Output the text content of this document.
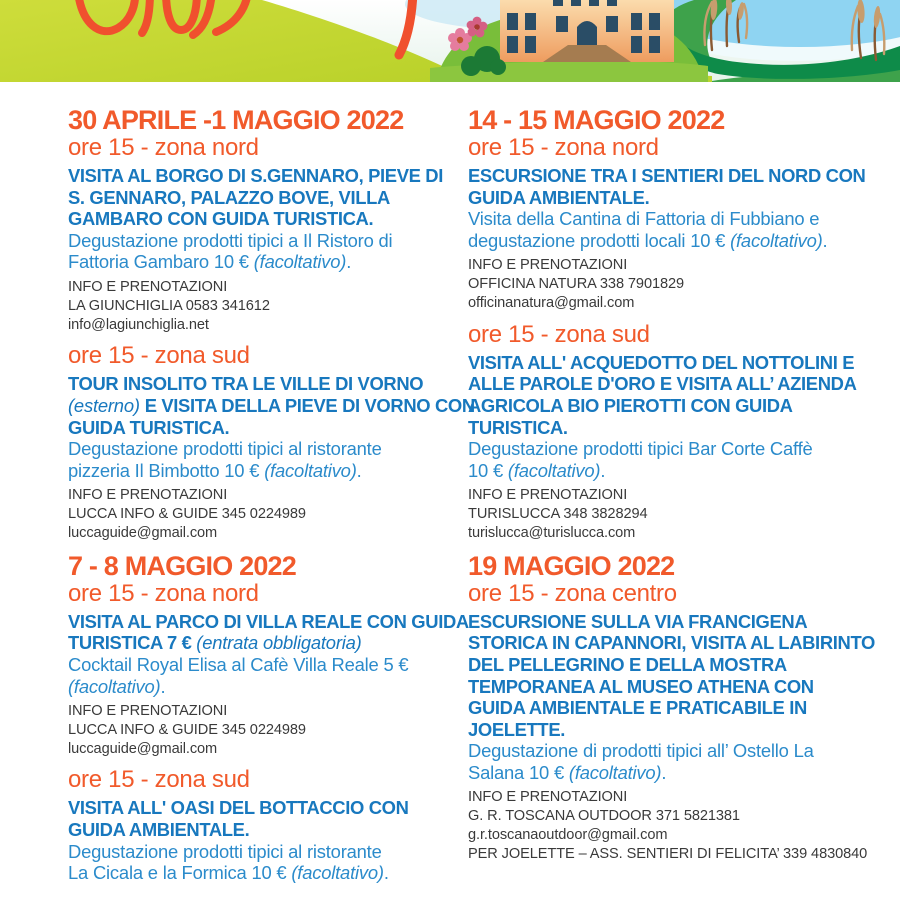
30 APRILE -1 MAGGIO 2022
ore 15 - zona nord
VISITA AL BORGO DI S.GENNARO, PIEVE DI
S. GENNARO, PALAZZO BOVE, VILLA
GAMBARO CON GUIDA TURISTICA.
Degustazione prodotti tipici a Il Ristoro di
Fattoria Gambaro 10 € (facoltativo).
INFO E PRENOTAZIONI
LA GIUNCHIGLIA 0583 341612
info@lagiunchiglia.net
ore 15 - zona sud
TOUR INSOLITO TRA LE VILLE DI VORNO
(esterno) E VISITA DELLA PIEVE DI VORNO CON
GUIDA TURISTICA.
Degustazione prodotti tipici al ristorante
pizzeria Il Bimbotto 10 € (facoltativo).
INFO E PRENOTAZIONI
LUCCA INFO & GUIDE 345 0224989
luccaguide@gmail.com
7 - 8 MAGGIO 2022
ore 15 - zona nord
VISITA AL PARCO DI VILLA REALE CON GUIDA
TURISTICA 7 € (entrata obbligatoria)
Cocktail Royal Elisa al Cafè Villa Reale 5 €
(facoltativo).
INFO E PRENOTAZIONI
LUCCA INFO & GUIDE 345 0224989
luccaguide@gmail.com
ore 15 - zona sud
VISITA ALL' OASI DEL BOTTACCIO CON
GUIDA AMBIENTALE.
Degustazione prodotti tipici al ristorante
La Cicala e la Formica 10 € (facoltativo).
14 - 15 MAGGIO 2022
ore 15 - zona nord
ESCURSIONE TRA I SENTIERI DEL NORD CON
GUIDA AMBIENTALE.
Visita della Cantina di Fattoria di Fubbiano e
degustazione prodotti locali 10 € (facoltativo).
INFO E PRENOTAZIONI
OFFICINA NATURA 338 7901829
officinanatura@gmail.com
ore 15 - zona sud
VISITA ALL' ACQUEDOTTO DEL NOTTOLINI E
ALLE PAROLE D'ORO E VISITA ALL’ AZIENDA
AGRICOLA BIO PIEROTTI CON GUIDA
TURISTICA.
Degustazione prodotti tipici Bar Corte Caffè
10 € (facoltativo).
INFO E PRENOTAZIONI
TURISLUCCA 348 3828294
turislucca@turislucca.com
19 MAGGIO 2022
ore 15 - zona centro
ESCURSIONE SULLA VIA FRANCIGENA
STORICA IN CAPANNORI, VISITA AL LABIRINTO
DEL PELLEGRINO E DELLA MOSTRA
TEMPORANEA AL MUSEO ATHENA CON
GUIDA AMBIENTALE E PRATICABILE IN
JOELETTE.
Degustazione di prodotti tipici all’ Ostello La
Salana 10 € (facoltativo).
INFO E PRENOTAZIONI
G. R. TOSCANA OUTDOOR 371 5821381
g.r.toscanaoutdoor@gmail.com
PER JOELETTE – ASS. SENTIERI DI FELICITA’ 339 4830840
